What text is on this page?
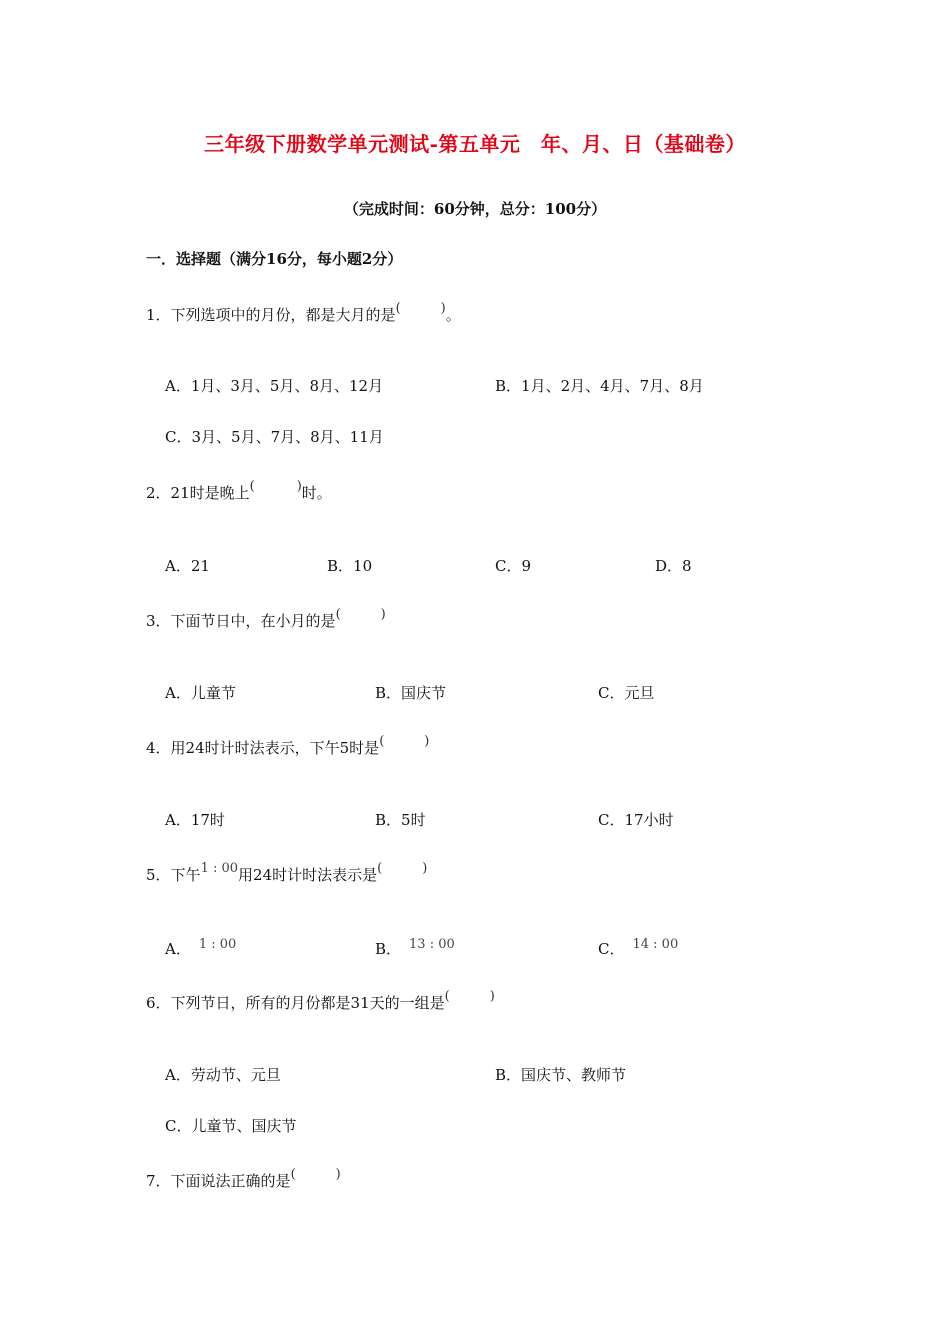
三年级下册数学单元测试-第五单元　年、月、日（基础卷）
（完成时间：60分钟，总分：100分）
一．选择题（满分16分，每小题2分）
1．下列选项中的月份，都是大月的是(	)。
A．1月、3月、5月、8月、12月	B．1月、2月、4月、7月、8月
C．3月、5月、7月、8月、11月
2．21时是晚上(	)时。
A．21	B．10	C．9	D．8
3．下面节日中，在小月的是(	)
A．儿童节	B．国庆节	C．元旦
4．用24时计时法表示，下午5时是(	)
A．17时	B．5时	C．17小时
5．下午1 : 00用24时计时法表示是(	)
A． 1 : 00	B． 13 : 00	C． 14 : 00
6．下列节日，所有的月份都是31天的一组是(	)
A．劳动节、元旦	B．国庆节、教师节
C．儿童节、国庆节
7．下面说法正确的是(	)
